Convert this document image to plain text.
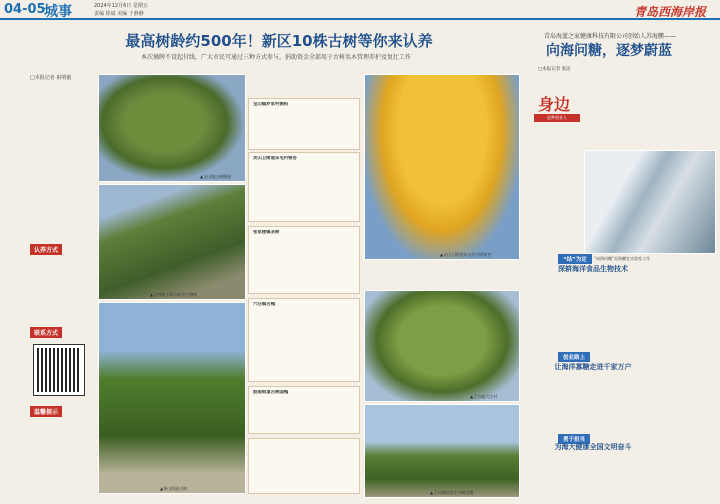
04-05
城事	2024年12月6日 星期五
责编 徐斌 美编 于静静	青岛西海岸报
最高树龄约500年！新区10株古树等你来认养
本次摘牌不设起付线，广大市民可通过三种方式参与，捐助资金全部用于古树名木管理养护及复壮工作
□本报记者 祖明毅
认养方式
联系方式
温馨提示
▲宝山镇古树侧柏
▲大村镇小珠山前官庄侧柏
▲灵山卫街道东屯村古树银杏
▲王台镇大店村
▲珠山街道古树
▲王台镇赵家庄古树国槐
宝山镇罗家村侧柏
灵山卫街道东屯村银杏
张家楼镇茶树
六汪镇古槐
胶南街道古树国槐
青岛海蓝之家健康科技有限公司创始人苏海鹏——
向海问糖，逐梦蔚蓝
□本报记者 张洁
身边
追梦创业人
“向海问糖”苏海鹏在实验室工作
“结”为定
深耕海洋食品生物技术
创业路上
让海洋寡糖走进千家万户
勇于担当
为海大健康全国文明奋斗
